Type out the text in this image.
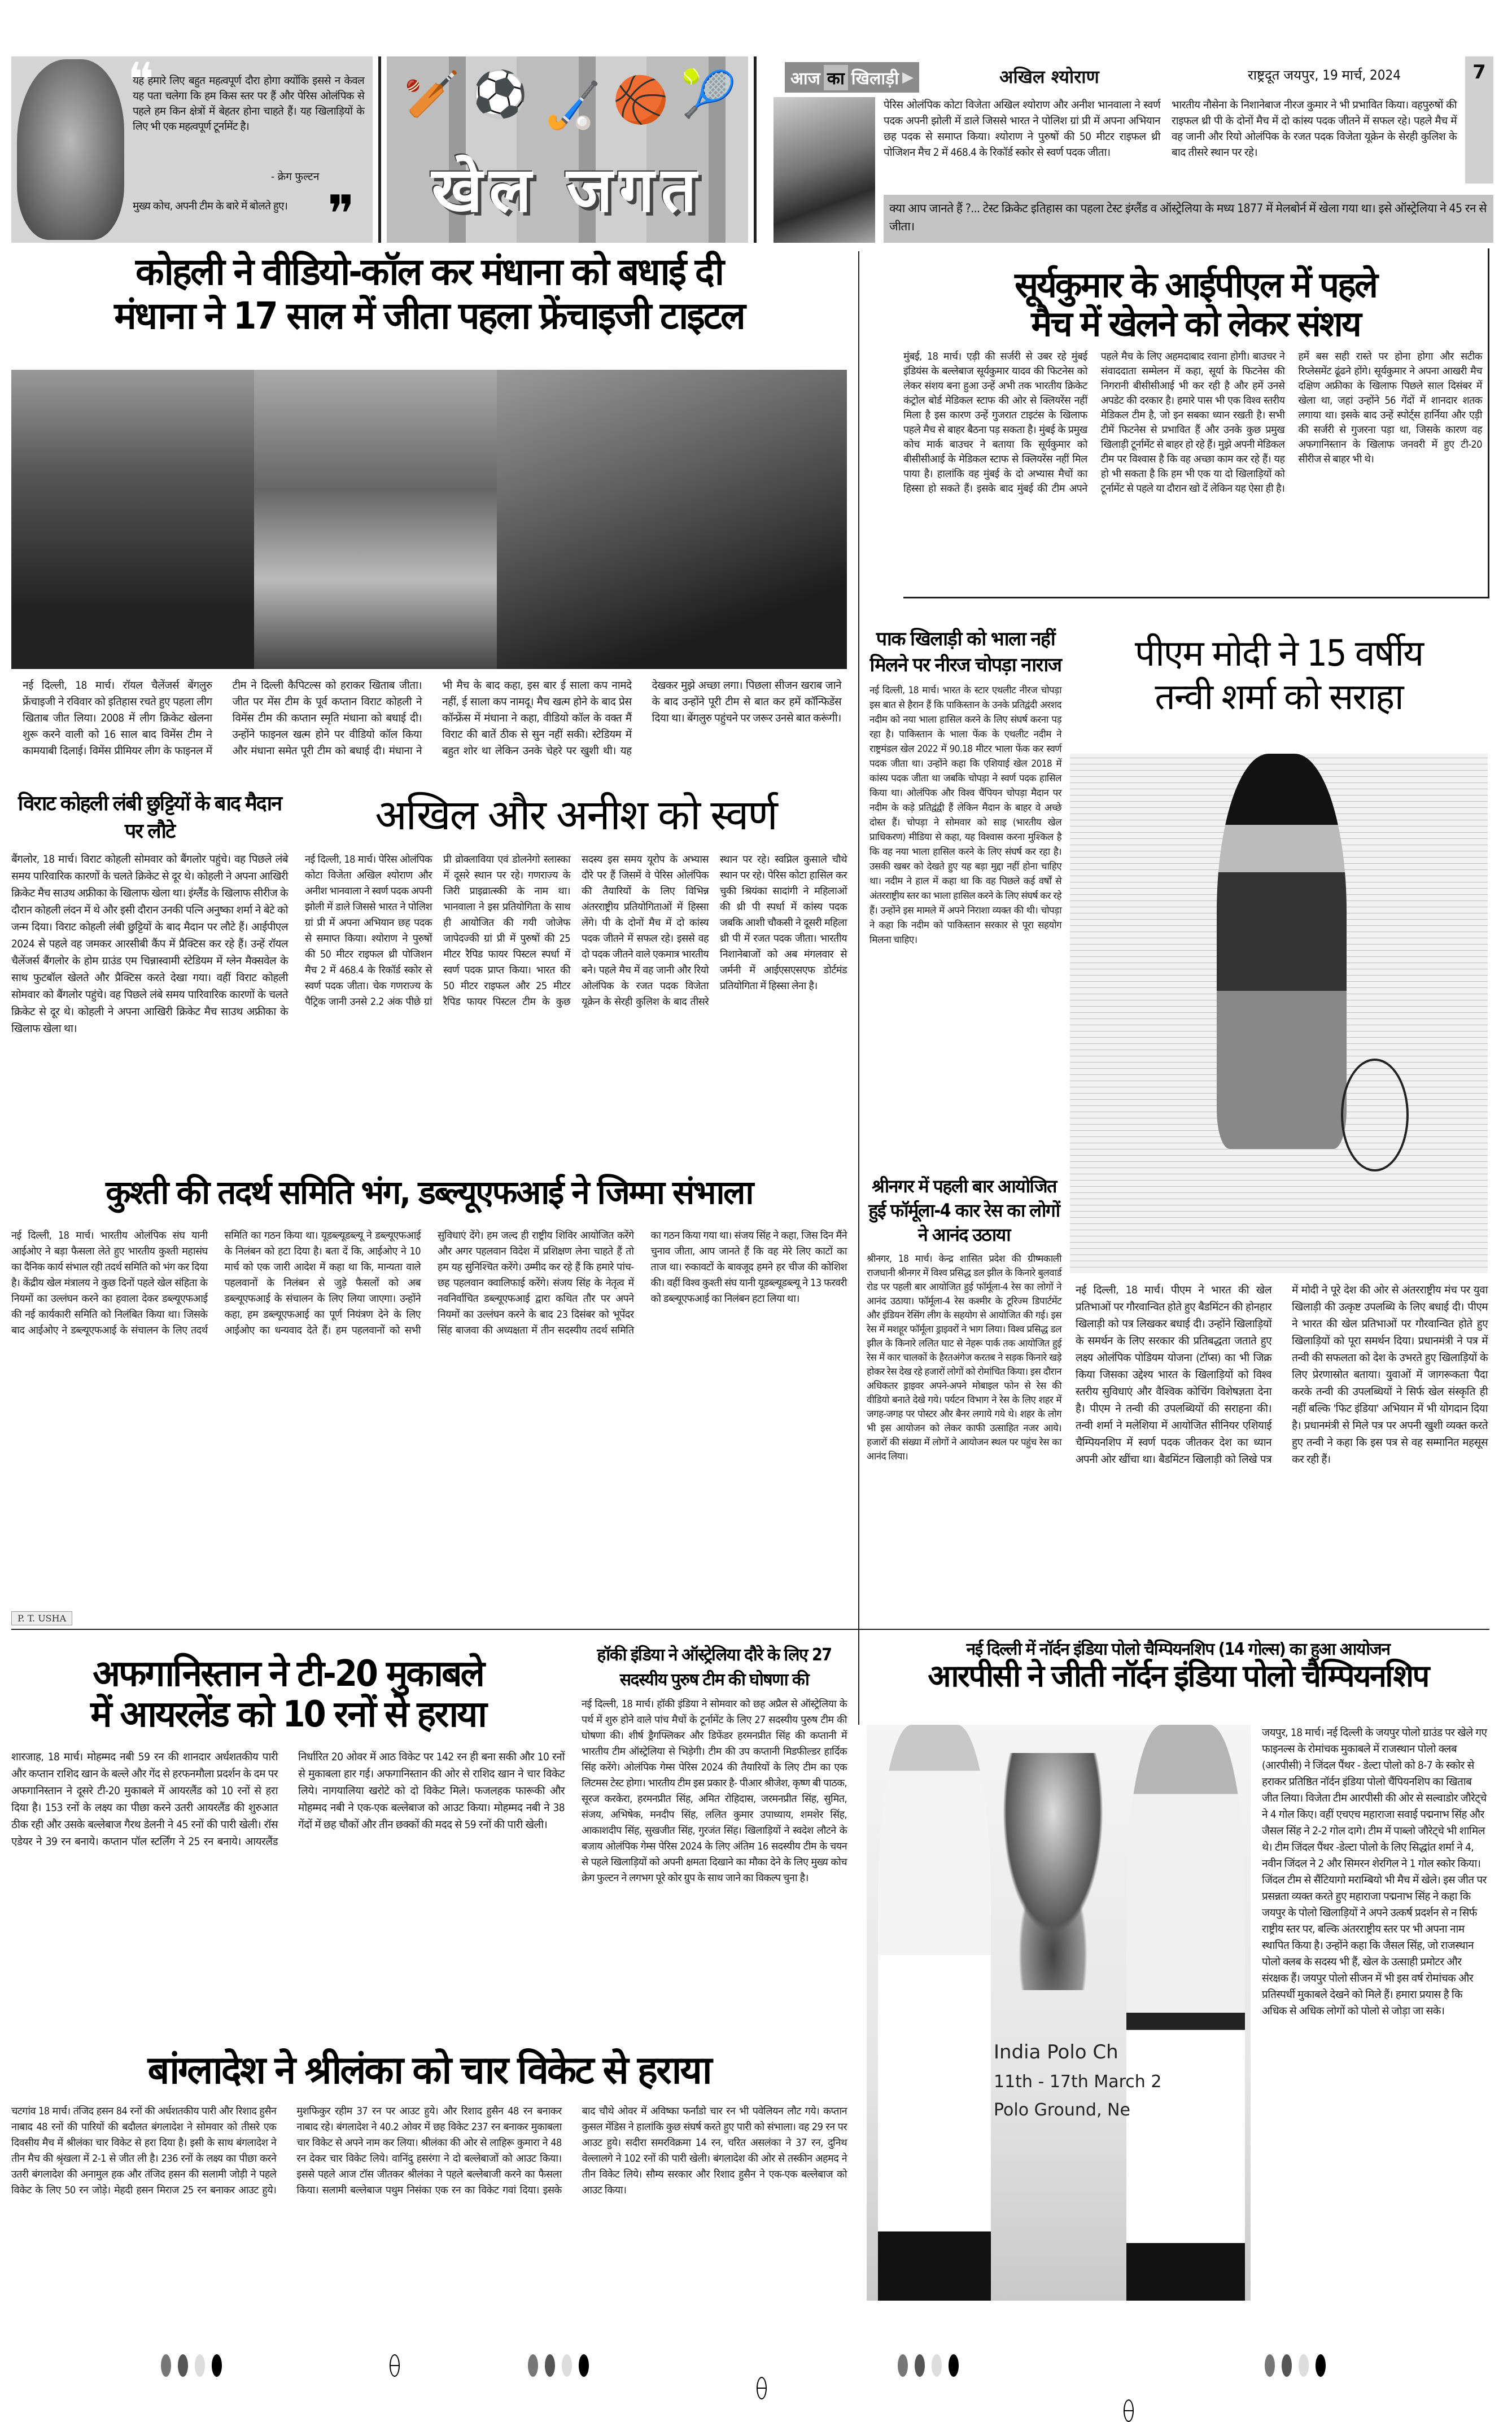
❝
यह हमारे लिए बहुत महत्वपूर्ण दौरा होगा क्योंकि इससे न केवल यह पता चलेगा कि हम किस स्तर पर हैं और पेरिस ओलंपिक से पहले हम किन क्षेत्रों में बेहतर होना चाहते हैं। यह खिलाड़ियों के लिए भी एक महत्वपूर्ण टूर्नामेंट है।
- क्रेग फुल्टन
मुख्य कोच, अपनी टीम के बारे में बोलते हुए। ❞
🏏 ⚽ 🏑 🏀 🎾
खेल जगत
आज का खिलाड़ी ▶	अखिल श्योराण	राष्ट्रदूत जयपुर, 19 मार्च, 2024	7
पेरिस ओलंपिक कोटा विजेता अखिल श्योराण और अनीश भानवाला ने स्वर्ण पदक अपनी झोली में डाले जिससे भारत ने पोलिश ग्रां प्री में अपना अभियान छह पदक से समाप्त किया। श्योराण ने पुरुषों की 50 मीटर राइफल थ्री पोजिशन मैच 2 में 468.4 के रिकॉर्ड स्कोर से स्वर्ण पदक जीता।
भारतीय नौसेना के निशानेबाज नीरज कुमार ने भी प्रभावित किया। वहपुरुषों की राइफल थ्री पी के दोनों मैच में दो कांस्य पदक जीतने में सफल रहे। पहले मैच में वह जानी और रियो ओलंपिक के रजत पदक विजेता यूक्रेन के सेरही कुलिश के बाद तीसरे स्थान पर रहे।
क्या आप जानते हैं ?... टेस्ट क्रिकेट इतिहास का पहला टेस्ट इंग्लैंड व ऑस्ट्रेलिया के मध्य 1877 में मेलबोर्न में खेला गया था। इसे ऑस्ट्रेलिया ने 45 रन से जीता।
कोहली ने वीडियो-कॉल कर मंधाना को बधाई दी
मंधाना ने 17 साल में जीता पहला फ्रेंचाइजी टाइटल
नई दिल्ली, 18 मार्च। रॉयल चैलेंजर्स बेंगलुरु फ्रेंचाइजी ने रविवार को इतिहास रचते हुए पहला लीग खिताब जीत लिया। 2008 में लीग क्रिकेट खेलना शुरू करने वाली को 16 साल बाद विमेंस टीम ने कामयाबी दिलाई। विमेंस प्रीमियर लीग के फाइनल में टीम ने दिल्ली कैपिटल्स को हराकर खिताब जीता। जीत पर मेंस टीम के पूर्व कप्तान विराट कोहली ने विमेंस टीम की कप्तान स्मृति मंधाना को बधाई दी। उन्होंने फाइनल खत्म होने पर वीडियो कॉल किया और मंधाना समेत पूरी टीम को बधाई दी। मंधाना ने भी मैच के बाद कहा, इस बार ई साला कप नामदे नहीं, ई साला कप नामदू। मैच खत्म होने के बाद प्रेस कॉन्फ्रेंस में मंधाना ने कहा, वीडियो कॉल के वक्त मैं विराट की बातें ठीक से सुन नहीं सकी। स्टेडियम में बहुत शोर था लेकिन उनके चेहरे पर खुशी थी। यह देखकर मुझे अच्छा लगा। पिछला सीजन खराब जाने के बाद उन्होंने पूरी टीम से बात कर हमें कॉन्फिडेंस दिया था। बेंगलुरु पहुंचने पर जरूर उनसे बात करूंगी।
सूर्यकुमार के आईपीएल में पहले
मैच में खेलने को लेकर संशय
मुंबई, 18 मार्च। एड़ी की सर्जरी से उबर रहे मुंबई इंडियंस के बल्लेबाज सूर्यकुमार यादव की फिटनेस को लेकर संशय बना हुआ उन्हें अभी तक भारतीय क्रिकेट कंट्रोल बोर्ड मेडिकल स्टाफ की ओर से क्लियरेंस नहीं मिला है इस कारण उन्हें गुजरात टाइटंस के खिलाफ पहले मैच से बाहर बैठना पड़ सकता है। मुंबई के प्रमुख कोच मार्क बाउचर ने बताया कि सूर्यकुमार को बीसीसीआई के मेडिकल स्टाफ से क्लियरेंस नहीं मिल पाया है। हालांकि वह मुंबई के दो अभ्यास मैचों का हिस्सा हो सकते हैं। इसके बाद मुंबई की टीम अपने पहले मैच के लिए अहमदाबाद रवाना होगी। बाउचर ने संवाददाता सम्मेलन में कहा, सूर्या के फिटनेस की निगरानी बीसीसीआई भी कर रही है और हमें उनसे अपडेट की दरकार है। हमारे पास भी एक विश्व स्तरीय मेडिकल टीम है, जो इन सबका ध्यान रखती है। सभी टीमें फिटनेस से प्रभावित हैं और उनके कुछ प्रमुख खिलाड़ी टूर्नामेंट से बाहर हो रहे हैं। मुझे अपनी मेडिकल टीम पर विश्वास है कि वह अच्छा काम कर रहे हैं। यह हो भी सकता है कि हम भी एक या दो खिलाड़ियों को टूर्नामेंट से पहले या दौरान खो दें लेकिन यह ऐसा ही है। हमें बस सही रास्ते पर होना होगा और सटीक रिप्लेसमेंट ढूंढने होंगे। सूर्यकुमार ने अपना आखरी मैच दक्षिण अफ्रीका के खिलाफ पिछले साल दिसंबर में खेला था, जहां उन्होंने 56 गेंदों में शानदार शतक लगाया था। इसके बाद उन्हें स्पोर्ट्स हार्निया और एड़ी की सर्जरी से गुजरना पड़ा था, जिसके कारण वह अफगानिस्तान के खिलाफ जनवरी में हुए टी-20 सीरीज से बाहर भी थे।
विराट कोहली लंबी छुट्टियों के बाद मैदान पर लौटे
बैंगलोर, 18 मार्च। विराट कोहली सोमवार को बैंगलोर पहुंचे। वह पिछले लंबे समय पारिवारिक कारणों के चलते क्रिकेट से दूर थे। कोहली ने अपना आखिरी क्रिकेट मैच साउथ अफ्रीका के खिलाफ खेला था। इंग्लैंड के खिलाफ सीरीज के दौरान कोहली लंदन में थे और इसी दौरान उनकी पत्नि अनुष्का शर्मा ने बेटे को जन्म दिया। विराट कोहली लंबी छुट्टियों के बाद मैदान पर लौटे हैं। आईपीएल 2024 से पहले वह जमकर आरसीबी कैंप में प्रैक्टिस कर रहे हैं। उन्हें रॉयल चैलेंजर्स बैंगलोर के होम ग्राउंड एम चिन्नास्वामी स्टेडियम में ग्लेन मैक्सवेल के साथ फुटबॉल खेलते और प्रैक्टिस करते देखा गया। वहीं विराट कोहली सोमवार को बैंगलोर पहुंचे। वह पिछले लंबे समय पारिवारिक कारणों के चलते क्रिकेट से दूर थे। कोहली ने अपना आखिरी क्रिकेट मैच साउथ अफ्रीका के खिलाफ खेला था।
अखिल और अनीश को स्वर्ण
नई दिल्ली, 18 मार्च। पेरिस ओलंपिक कोटा विजेता अखिल श्योराण और अनीश भानवाला ने स्वर्ण पदक अपनी झोली में डाले जिससे भारत ने पोलिश ग्रां प्री में अपना अभियान छह पदक से समाप्त किया। श्योराण ने पुरुषों की 50 मीटर राइफल थ्री पोजिशन मैच 2 में 468.4 के रिकॉर्ड स्कोर से स्वर्ण पदक जीता। चेक गणराज्य के पैट्रिक जानी उनसे 2.2 अंक पीछे ग्रां प्री व्रोक्लाविया एवं डोलनेगो स्लास्का में दूसरे स्थान पर रहे। गणराज्य के जिरी प्राइव्रात्स्की के नाम था। भानवाला ने इस प्रतियोगिता के साथ ही आयोजित की गयी जोजेफ जापेदज्की ग्रां प्री में पुरुषों की 25 मीटर रैपिड फायर पिस्टल स्पर्धा में स्वर्ण पदक प्राप्त किया। भारत की 50 मीटर राइफल और 25 मीटर रैपिड फायर पिस्टल टीम के कुछ सदस्य इस समय यूरोप के अभ्यास दौरे पर हैं जिसमें वे पेरिस ओलंपिक की तैयारियों के लिए विभिन्न अंतरराष्ट्रीय प्रतियोगिताओं में हिस्सा लेंगे। पी के दोनों मैच में दो कांस्य पदक जीतने में सफल रहे। इससे वह दो पदक जीतने वाले एकमात्र भारतीय बने। पहले मैच में वह जानी और रियो ओलंपिक के रजत पदक विजेता यूक्रेन के सेरही कुलिश के बाद तीसरे स्थान पर रहे। स्वप्निल कुसाले चौथे स्थान पर रहे। पेरिस कोटा हासिल कर चुकी श्रियंका सादांगी ने महिलाओं की थ्री पी स्पर्धा में कांस्य पदक जबकि आशी चौकसी ने दूसरी महिला थ्री पी में रजत पदक जीता। भारतीय निशानेबाजों को अब मंगलवार से जर्मनी में आईएसएसएफ डोर्टमंड प्रतियोगिता में हिस्सा लेना है।
पाक खिलाड़ी को भाला नहीं मिलने पर नीरज चोपड़ा नाराज
नई दिल्ली, 18 मार्च। भारत के स्टार एथलीट नीरज चोपड़ा इस बात से हैरान हैं कि पाकिस्तान के उनके प्रतिद्वंदी अरशद नदीम को नया भाला हासिल करने के लिए संघर्ष करना पड़ रहा है। पाकिस्तान के भाला फेंक के एथलीट नदीम ने राष्ट्रमंडल खेल 2022 में 90.18 मीटर भाला फेंक कर स्वर्ण पदक जीता था। उन्होंने कहा कि एशियाई खेल 2018 में कांस्य पदक जीता था जबकि चोपड़ा ने स्वर्ण पदक हासिल किया था। ओलंपिक और विश्व चैंपियन चोपड़ा मैदान पर नदीम के कड़े प्रतिद्वंद्वी हैं लेकिन मैदान के बाहर वे अच्छे दोस्त हैं। चोपड़ा ने सोमवार को साइ (भारतीय खेल प्राधिकरण) मीडिया से कहा, यह विश्वास करना मुश्किल है कि वह नया भाला हासिल करने के लिए संघर्ष कर रहा है। उसकी खबर को देखते हुए यह बड़ा मुद्दा नहीं होना चाहिए था। नदीम ने हाल में कहा था कि वह पिछले कई वर्षों से अंतरराष्ट्रीय स्तर का भाला हासिल करने के लिए संघर्ष कर रहे हैं। उन्होंने इस मामले में अपने निराशा व्यक्त की थी। चोपड़ा ने कहा कि नदीम को पाकिस्तान सरकार से पूरा सहयोग मिलना चाहिए।
पीएम मोदी ने 15 वर्षीय
तन्वी शर्मा को सराहा
नई दिल्ली, 18 मार्च। पीएम ने भारत की खेल प्रतिभाओं पर गौरवान्वित होते हुए बैडमिंटन की होनहार खिलाड़ी को पत्र लिखकर बधाई दी। उन्होंने खिलाड़ियों के समर्थन के लिए सरकार की प्रतिबद्धता जताते हुए लक्ष्य ओलंपिक पोडियम योजना (टॉप्स) का भी जिक्र किया जिसका उद्देश्य भारत के खिलाड़ियों को विश्व स्तरीय सुविधाएं और वैश्विक कोचिंग विशेषज्ञता देना है। पीएम ने तन्वी की उपलब्धियों की सराहना की। तन्वी शर्मा ने मलेशिया में आयोजित सीनियर एशियाई चैम्पियनशिप में स्वर्ण पदक जीतकर देश का ध्यान अपनी ओर खींचा था। बैडमिंटन खिलाड़ी को लिखे पत्र में मोदी ने पूरे देश की ओर से अंतरराष्ट्रीय मंच पर युवा खिलाड़ी की उत्कृष्ट उपलब्धि के लिए बधाई दी। पीएम ने भारत की खेल प्रतिभाओं पर गौरवान्वित होते हुए खिलाड़ियों को पूरा समर्थन दिया। प्रधानमंत्री ने पत्र में तन्वी की सफलता को देश के उभरते हुए खिलाड़ियों के लिए प्रेरणास्रोत बताया। युवाओं में जागरूकता पैदा करके तन्वी की उपलब्धियों ने सिर्फ खेल संस्कृति ही नहीं बल्कि 'फिट इंडिया' अभियान में भी योगदान दिया है। प्रधानमंत्री से मिले पत्र पर अपनी खुशी व्यक्त करते हुए तन्वी ने कहा कि इस पत्र से वह सम्मानित महसूस कर रही हैं।
श्रीनगर में पहली बार आयोजित हुई फॉर्मूला-4 कार रेस का लोगों ने आनंद उठाया
श्रीनगर, 18 मार्च। केन्द्र शासित प्रदेश की ग्रीष्मकाली राजधानी श्रीनगर में विश्व प्रसिद्ध डल झील के किनारे बुलवार्ड रोड पर पहली बार आयोजित हुई फॉर्मूला-4 रेस का लोगों ने आनंद उठाया। फॉर्मूला-4 रेस कश्मीर के टूरिज्म डिपार्टमेंट और इंडियन रेसिंग लीग के सहयोग से आयोजित की गई। इस रेस में मशहूर फॉर्मूला ड्राइवरों ने भाग लिया। विश्व प्रसिद्ध डल झील के किनारे ललित घाट से नेहरू पार्क तक आयोजित हुई रेस में कार चालकों के हैरतअंगेज करतब ने सड़क किनारे खड़े होकर रेस देख रहे हजारों लोगों को रोमांचित किया। इस दौरान अधिकतर ड्राइवर अपने-अपने मोबाइल फोन से रेस की वीडियो बनाते देखे गये। पर्यटन विभाग ने रेस के लिए शहर में जगह-जगह पर पोस्टर और बैनर लगाये गये थे। शहर के लोग भी इस आयोजन को लेकर काफी उत्साहित नजर आये। हजारों की संख्या में लोगों ने आयोजन स्थल पर पहुंच रेस का आनंद लिया।
कुश्ती की तदर्थ समिति भंग, डब्ल्यूएफआई ने जिम्मा संभाला
नई दिल्ली, 18 मार्च। भारतीय ओलंपिक संघ यानी आईओए ने बड़ा फैसला लेते हुए भारतीय कुश्ती महासंघ का दैनिक कार्य संभाल रही तदर्थ समिति को भंग कर दिया है। केंद्रीय खेल मंत्रालय ने कुछ दिनों पहले खेल संहिता के नियमों का उल्लंघन करने का हवाला देकर डब्ल्यूएफआई की नई कार्यकारी समिति को निलंबित किया था। जिसके बाद आईओए ने डब्ल्यूएफआई के संचालन के लिए तदर्थ समिति का गठन किया था। यूडब्ल्यूडब्ल्यू ने डब्ल्यूएफआई के निलंबन को हटा दिया है। बता दें कि, आईओए ने 10 मार्च को एक जारी आदेश में कहा था कि, मान्यता वाले पहलवानों के निलंबन से जुड़े फैसलों को अब डब्ल्यूएफआई के संचालन के लिए लिया जाएगा। उन्होंने कहा, हम डब्ल्यूएफआई का पूर्ण नियंत्रण देने के लिए आईओए का धन्यवाद देते हैं। हम पहलवानों को सभी सुविधाएं देंगे। हम जल्द ही राष्ट्रीय शिविर आयोजित करेंगे और अगर पहलवान विदेश में प्रशिक्षण लेना चाहते हैं तो हम यह सुनिश्चित करेंगे। उम्मीद कर रहे हैं कि हमारे पांच-छह पहलवान क्वालिफाई करेंगे। संजय सिंह के नेतृत्व में नवनिर्वाचित डब्ल्यूएफआई द्वारा कथित तौर पर अपने नियमों का उल्लंघन करने के बाद 23 दिसंबर को भूपेंदर सिंह बाजवा की अध्यक्षता में तीन सदस्यीय तदर्थ समिति का गठन किया गया था। संजय सिंह ने कहा, जिस दिन मैंने चुनाव जीता, आप जानते हैं कि वह मेरे लिए काटों का ताज था। रुकावटों के बावजूद हमने हर चीज की कोशिश की। वहीं विश्व कुश्ती संघ यानी यूडब्ल्यूडब्ल्यू ने 13 फरवरी को डब्ल्यूएफआई का निलंबन हटा लिया था।
अफगानिस्तान ने टी-20 मुकाबले
में आयरलेंड को 10 रनों से हराया
शारजाह, 18 मार्च। मोहम्मद नबी 59 रन की शानदार अर्धशतकीय पारी और कप्तान राशिद खान के बल्ले और गेंद से हरफनमौला प्रदर्शन के दम पर अफगानिस्तान ने दूसरे टी-20 मुकाबले में आयरलैंड को 10 रनों से हरा दिया है। 153 रनों के लक्ष्य का पीछा करने उतरी आयरलैंड की शुरुआत ठीक रही और उसके बल्लेबाज गैरथ डेलनी ने 45 रनों की पारी खेली। रॉस एडेयर ने 39 रन बनाये। कप्तान पॉल स्टर्लिंग ने 25 रन बनाये। आयरलैंड निर्धारित 20 ओवर में आठ विकेट पर 142 रन ही बना सकी और 10 रनों से मुकाबला हार गई। अफगानिस्तान की ओर से राशिद खान ने चार विकेट लिये। नागयालिया खरोटे को दो विकेट मिले। फजलहक फारूकी और मोहम्मद नबी ने एक-एक बल्लेबाज को आउट किया। मोहम्मद नबी ने 38 गेंदों में छह चौकों और तीन छक्कों की मदद से 59 रनों की पारी खेली।
हॉकी इंडिया ने ऑस्ट्रेलिया दौरे के लिए 27 सदस्यीय पुरुष टीम की घोषणा की
नई दिल्ली, 18 मार्च। हॉकी इंडिया ने सोमवार को छह अप्रैल से ऑस्ट्रेलिया के पर्थ में शुरु होने वाले पांच मैचों के टूर्नामेंट के लिए 27 सदस्यीय पुरुष टीम की घोषणा की। शीर्ष ड्रैगफ्लिकर और डिफेंडर हरमनप्रीत सिंह की कप्तानी में भारतीय टीम ऑस्ट्रेलिया से भिड़ेगी। टीम की उप कप्तानी मिडफील्डर हार्दिक सिंह करेंगे। ओलंपिक गेम्स पेरिस 2024 की तैयारियों के लिए टीम का एक लिटमस टेस्ट होगा। भारतीय टीम इस प्रकार है- पीआर श्रीजेश, कृष्ण बी पाठक, सूरज करकेरा, हरमनप्रीत सिंह, अमित रोहिदास, जरमनप्रीत सिंह, सुमित, संजय, अभिषेक, मनदीप सिंह, ललित कुमार उपाध्याय, शमशेर सिंह, आकाशदीप सिंह, सुखजीत सिंह, गुरजंत सिंह। खिलाड़ियों ने स्वदेश लौटने के बजाय ओलंपिक गेम्स पेरिस 2024 के लिए अंतिम 16 सदस्यीय टीम के चयन से पहले खिलाड़ियों को अपनी क्षमता दिखाने का मौका देने के लिए मुख्य कोच क्रेग फुल्टन ने लगभग पूरे कोर ग्रुप के साथ जाने का विकल्प चुना है।
नई दिल्ली में नॉर्दन इंडिया पोलो चैम्पियनशिप (14 गोल्स) का हुआ आयोजन
आरपीसी ने जीती नॉर्दन इंडिया पोलो चैम्पियनशिप
India Polo Ch
11th - 17th March 2
Polo Ground, Ne
जयपुर, 18 मार्च। नई दिल्ली के जयपुर पोलो ग्राउंड पर खेले गए फाइनल्स के रोमांचक मुकाबले में राजस्थान पोलो क्लब (आरपीसी) ने जिंदल पैंथर - डेल्टा पोलो को 8-7 के स्कोर से हराकर प्रतिष्ठित नॉर्दन इंडिया पोलो चैंपियनशिप का खिताब जीत लिया। विजेता टीम आरपीसी की ओर से सल्वाडोर जौरेट्चे ने 4 गोल किए। वहीं एचएच महाराजा सवाई पद्मनाभ सिंह और जैसल सिंह ने 2-2 गोल दागे। टीम में पाब्लो जौरेट्चे भी शामिल थे। टीम जिंदल पैंथर -डेल्टा पोलो के लिए सिद्धांत शर्मा ने 4, नवीन जिंदल ने 2 और सिमरन शेरगिल ने 1 गोल स्कोर किया। जिंदल टीम से सैंटियागो मराम्बियो भी मैच में खेले। इस जीत पर प्रसन्नता व्यक्त करते हुए महाराजा पद्मनाभ सिंह ने कहा कि जयपुर के पोलो खिलाड़ियों ने अपने उत्कर्ष प्रदर्शन से न सिर्फ राष्ट्रीय स्तर पर, बल्कि अंतरराष्ट्रीय स्तर पर भी अपना नाम स्थापित किया है। उन्होंने कहा कि जैसल सिंह, जो राजस्थान पोलो क्लब के सदस्य भी हैं, खेल के उत्साही प्रमोटर और संरक्षक हैं। जयपुर पोलो सीजन में भी इस वर्ष रोमांचक और प्रतिस्पर्धी मुकाबले देखने को मिले हैं। हमारा प्रयास है कि अधिक से अधिक लोगों को पोलो से जोड़ा जा सके।
बांग्लादेश ने श्रीलंका को चार विकेट से हराया
चटगांव 18 मार्च। तंजिद हसन 84 रनों की अर्धशतकीय पारी और रिशाद हुसैन नाबाद 48 रनों की पारियों की बदौलत बंगलादेश ने सोमवार को तीसरे एक दिवसीय मैच में श्रीलंका चार विकेट से हरा दिया है। इसी के साथ बंगलादेश ने तीन मैच की श्रृंखला में 2-1 से जीत ली है। 236 रनों के लक्ष्य का पीछा करने उतरी बंगलादेश की अनामुल हक और तंजिद हसन की सलामी जोड़ी ने पहले विकेट के लिए 50 रन जोड़े। मेहदी हसन मिराज 25 रन बनाकर आउट हुये। मुशफिकुर रहीम 37 रन पर आउट हुये। और रिशाद हुसैन 48 रन बनाकर नाबाद रहे। बंगलादेश ने 40.2 ओवर में छह विकेट 237 रन बनाकर मुकाबला चार विकेट से अपने नाम कर लिया। श्रीलंका की ओर से लाहिरू कुमारा ने 48 रन देकर चार विकेट लिये। वानिंदु हसरंगा ने दो बल्लेबाजों को आउट किया। इससे पहले आज टॉस जीतकर श्रीलंका ने पहले बल्लेबाजी करने का फैसला किया। सलामी बल्लेबाज पथुम निसंका एक रन का विकेट गवां दिया। इसके बाद चौथे ओवर में अविष्का फर्नांडो चार रन भी पवेलियन लौट गये। कप्तान कुसल मेंडिस ने हालांकि कुछ संघर्ष करते हुए पारी को संभाला। वह 29 रन पर आउट हुये। सदीरा समरविक्रमा 14 रन, चरित असलंका ने 37 रन, दुनिथ वेल्लालगे ने 102 रनों की पारी खेली। बंगलादेश की ओर से तस्कीन अहमद ने तीन विकेट लिये। सौम्य सरकार और रिशाद हुसैन ने एक-एक बल्लेबाज को आउट किया।
P. T. USHA
